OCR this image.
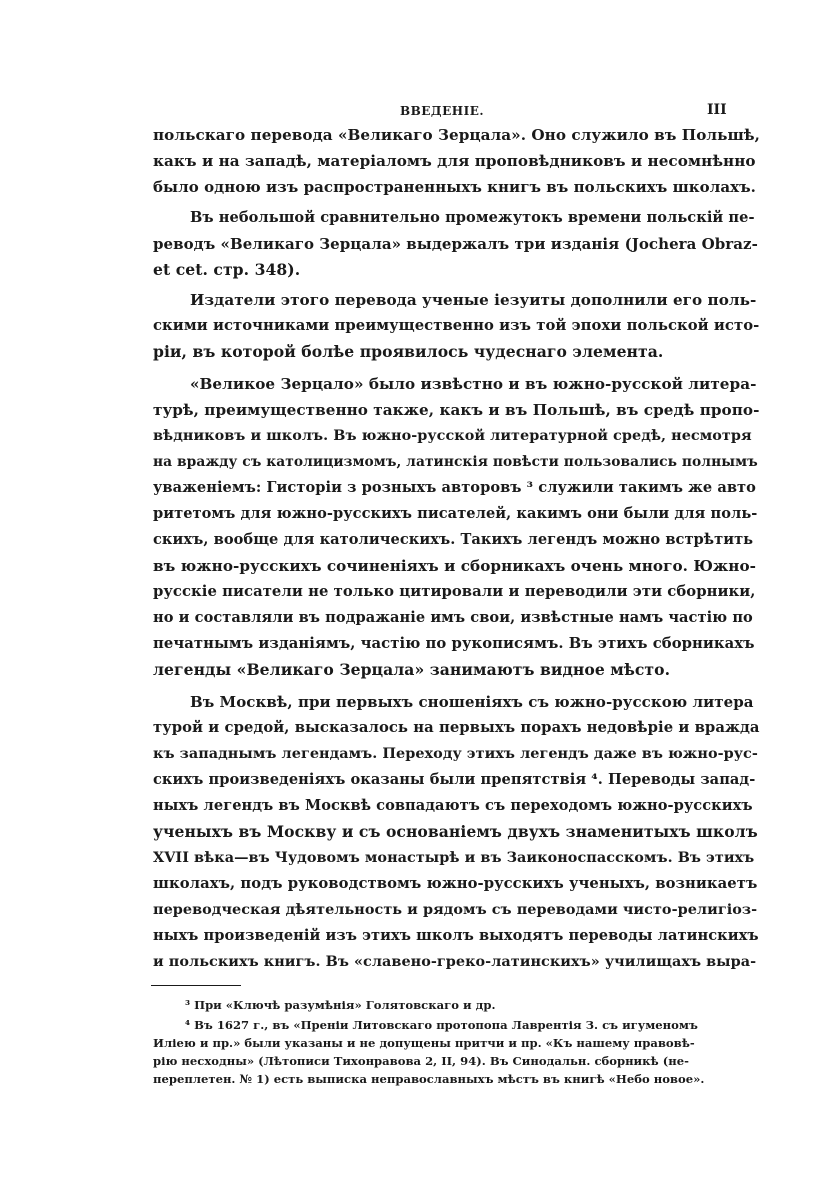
ВВЕДЕНІЕ.	III
польскаго перевода «Великаго Зерцала». Оно служило въ Польшѣ,
какъ и на западѣ, матеріаломъ для проповѣдниковъ и несомнѣнно
было одною изъ распространенныхъ книгъ въ польскихъ школахъ.
Въ небольшой сравнительно промежутокъ времени польскій пе-
реводъ «Великаго Зерцала» выдержалъ три изданія (Jochera Obraz-
et cet. стр. 348).
Издатели этого перевода ученые іезуиты дополнили его поль-
скими источниками преимущественно изъ той эпохи польской исто-
ріи, въ которой болѣе проявилось чудеснаго элемента.
«Великое Зерцало» было извѣстно и въ южно-русской литера-
турѣ, преимущественно также, какъ и въ Польшѣ, въ средѣ пропо-
вѣдниковъ и школъ. Въ южно-русской литературной средѣ, несмотря
на вражду съ католицизмомъ, латинскія повѣсти пользовались полнымъ
уваженіемъ: Гисторіи з розныхъ авторовъ ³ служили такимъ же авто
ритетомъ для южно-русскихъ писателей, какимъ они были для поль-
скихъ, вообще для католическихъ. Такихъ легендъ можно встрѣтить
въ южно-русскихъ сочиненіяхъ и сборникахъ очень много. Южно-
русскіе писатели не только цитировали и переводили эти сборники,
но и составляли въ подражаніе имъ свои, извѣстные намъ частію по
печатнымъ изданіямъ, частію по рукописямъ. Въ этихъ сборникахъ
легенды «Великаго Зерцала» занимаютъ видное мѣсто.
Въ Москвѣ, при первыхъ сношеніяхъ съ южно-русскою литера
турой и средой, высказалось на первыхъ порахъ недовѣріе и вражда
къ западнымъ легендамъ. Переходу этихъ легендъ даже въ южно-рус-
скихъ произведеніяхъ оказаны были препятствія ⁴. Переводы запад-
ныхъ легендъ въ Москвѣ совпадаютъ съ переходомъ южно-русскихъ
ученыхъ въ Москву и съ основаніемъ двухъ знаменитыхъ школъ
XVII вѣка—въ Чудовомъ монастырѣ и въ Заиконоспасскомъ. Въ этихъ
школахъ, подъ руководствомъ южно-русскихъ ученыхъ, возникаетъ
переводческая дѣятельность и рядомъ съ переводами чисто-религіоз-
ныхъ произведеній изъ этихъ школъ выходятъ переводы латинскихъ
и польскихъ книгъ. Въ «славено-греко-латинскихъ» училищахъ выра-
³ При «Ключѣ разумѣнія» Голятовскаго и др.
⁴ Въ 1627 г., въ «Преніи Литовскаго протопопа Лаврентія З. съ игуменомъ
Иліею и пр.» были указаны и не допущены притчи и пр. «Къ нашему правовѣ-
рію несходны» (Лѣтописи Тихонравова 2, II, 94). Въ Синодальн. сборникѣ (не-
переплетен. № 1) есть выписка неправославныхъ мѣстъ въ книгѣ «Небо новое».
